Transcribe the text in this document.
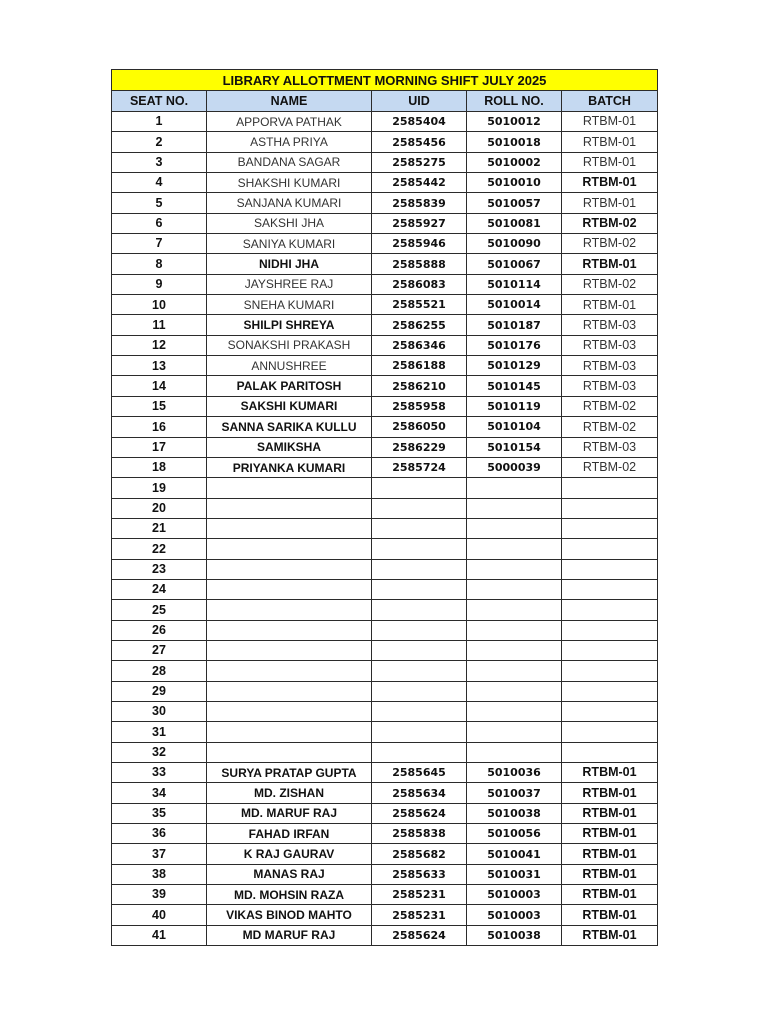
LIBRARY ALLOTTMENT MORNING SHIFT JULY 2025				
SEAT NO.	NAME	UID	ROLL NO.	BATCH
1	APPORVA PATHAK	2585404	5010012	RTBM-01
2	ASTHA PRIYA	2585456	5010018	RTBM-01
3	BANDANA SAGAR	2585275	5010002	RTBM-01
4	SHAKSHI KUMARI	2585442	5010010	RTBM-01
5	SANJANA KUMARI	2585839	5010057	RTBM-01
6	SAKSHI JHA	2585927	5010081	RTBM-02
7	SANIYA KUMARI	2585946	5010090	RTBM-02
8	NIDHI JHA	2585888	5010067	RTBM-01
9	JAYSHREE RAJ	2586083	5010114	RTBM-02
10	SNEHA KUMARI	2585521	5010014	RTBM-01
11	SHILPI SHREYA	2586255	5010187	RTBM-03
12	SONAKSHI PRAKASH	2586346	5010176	RTBM-03
13	ANNUSHREE	2586188	5010129	RTBM-03
14	PALAK PARITOSH	2586210	5010145	RTBM-03
15	SAKSHI KUMARI	2585958	5010119	RTBM-02
16	SANNA SARIKA KULLU	2586050	5010104	RTBM-02
17	SAMIKSHA	2586229	5010154	RTBM-03
18	PRIYANKA KUMARI	2585724	5000039	RTBM-02
19				
20				
21				
22				
23				
24				
25				
26				
27				
28				
29				
30				
31				
32				
33	SURYA PRATAP GUPTA	2585645	5010036	RTBM-01
34	MD. ZISHAN	2585634	5010037	RTBM-01
35	MD. MARUF RAJ	2585624	5010038	RTBM-01
36	FAHAD IRFAN	2585838	5010056	RTBM-01
37	K RAJ GAURAV	2585682	5010041	RTBM-01
38	MANAS RAJ	2585633	5010031	RTBM-01
39	MD. MOHSIN RAZA	2585231	5010003	RTBM-01
40	VIKAS BINOD MAHTO	2585231	5010003	RTBM-01
41	MD MARUF RAJ	2585624	5010038	RTBM-01
